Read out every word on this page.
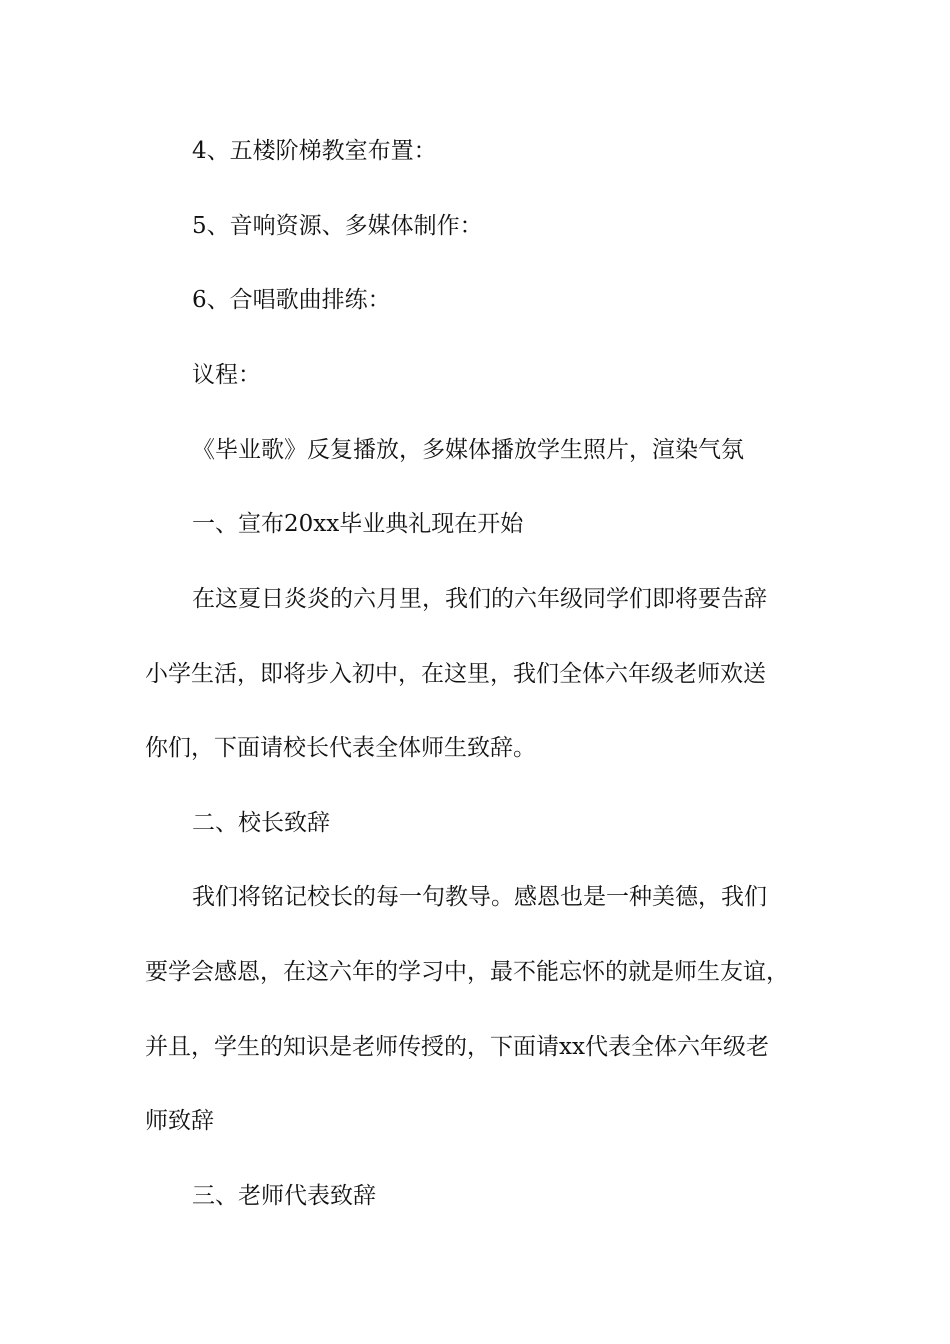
4、五楼阶梯教室布置：
5、音响资源、多媒体制作：
6、合唱歌曲排练：
议程：
《毕业歌》反复播放，多媒体播放学生照片，渲染气氛
一、宣布20xx毕业典礼现在开始
在这夏日炎炎的六月里，我们的六年级同学们即将要告辞
小学生活，即将步入初中，在这里，我们全体六年级老师欢送
你们，下面请校长代表全体师生致辞。
二、校长致辞
我们将铭记校长的每一句教导。感恩也是一种美德，我们
要学会感恩，在这六年的学习中，最不能忘怀的就是师生友谊，
并且，学生的知识是老师传授的，下面请xx代表全体六年级老
师致辞
三、老师代表致辞
